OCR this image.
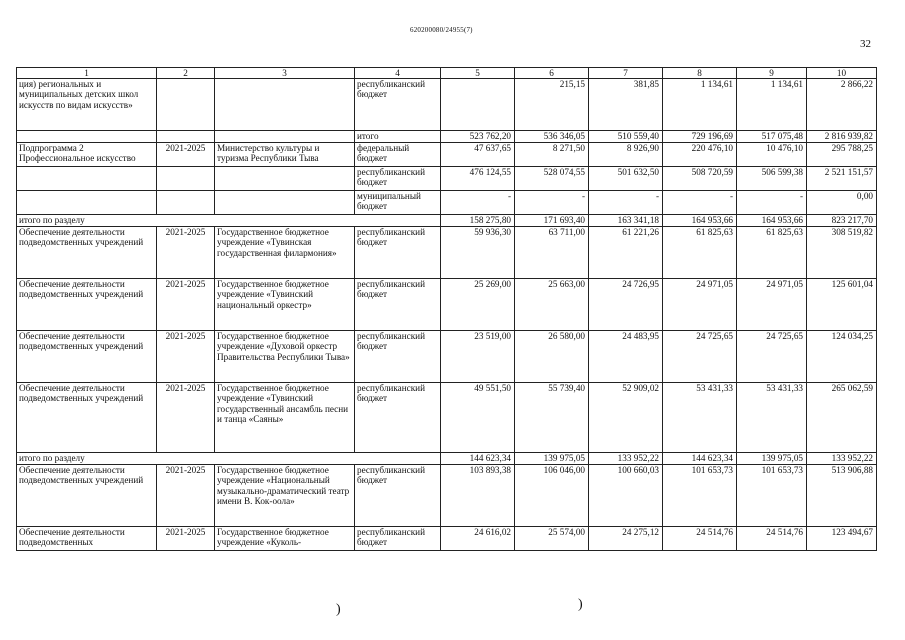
620200080/24955(7)
32
1	2	3	4	5	6	7	8	9	10
ция) региональных и муниципальных детских школ искусств по видам искусств»			республиканский бюджет		215,15	381,85	1 134,61	1 134,61	2 866,22
			итого	523 762,20	536 346,05	510 559,40	729 196,69	517 075,48	2 816 939,82
Подпрограмма 2 Профессиональное искусство	2021-2025	Министерство культуры и туризма Республики Тыва	федеральный бюджет	47 637,65	8 271,50	8 926,90	220 476,10	10 476,10	295 788,25
			республиканский бюджет	476 124,55	528 074,55	501 632,50	508 720,59	506 599,38	2 521 151,57
			муниципальный бюджет	-	-	-	-	-	0,00
итого по разделу				158 275,80	171 693,40	163 341,18	164 953,66	164 953,66	823 217,70
Обеспечение деятельности подведомственных учреждений	2021-2025	Государственное бюджетное учреждение «Тувинская государственная филармония»	республиканский бюджет	59 936,30	63 711,00	61 221,26	61 825,63	61 825,63	308 519,82
Обеспечение деятельности подведомственных учреждений	2021-2025	Государственное бюджетное учреждение «Тувинский национальный оркестр»	республиканский бюджет	25 269,00	25 663,00	24 726,95	24 971,05	24 971,05	125 601,04
Обеспечение деятельности подведомственных учреждений	2021-2025	Государственное бюджетное учреждение «Духовой оркестр Правительства Республики Тыва»	республиканский бюджет	23 519,00	26 580,00	24 483,95	24 725,65	24 725,65	124 034,25
Обеспечение деятельности подведомственных учреждений	2021-2025	Государственное бюджетное учреждение «Тувинский государственный ансамбль песни и танца «Саяны»	республиканский бюджет	49 551,50	55 739,40	52 909,02	53 431,33	53 431,33	265 062,59
итого по разделу				144 623,34	139 975,05	133 952,22	144 623,34	139 975,05	133 952,22
Обеспечение деятельности подведомственных учреждений	2021-2025	Государственное бюджетное учреждение «Национальный музыкально-драматический театр имени В. Кок-оола»	республиканский бюджет	103 893,38	106 046,00	100 660,03	101 653,73	101 653,73	513 906,88
Обеспечение деятельности подведомственных	2021-2025	Государственное бюджетное учреждение «Куколь-	республиканский бюджет	24 616,02	25 574,00	24 275,12	24 514,76	24 514,76	123 494,67
)	)
